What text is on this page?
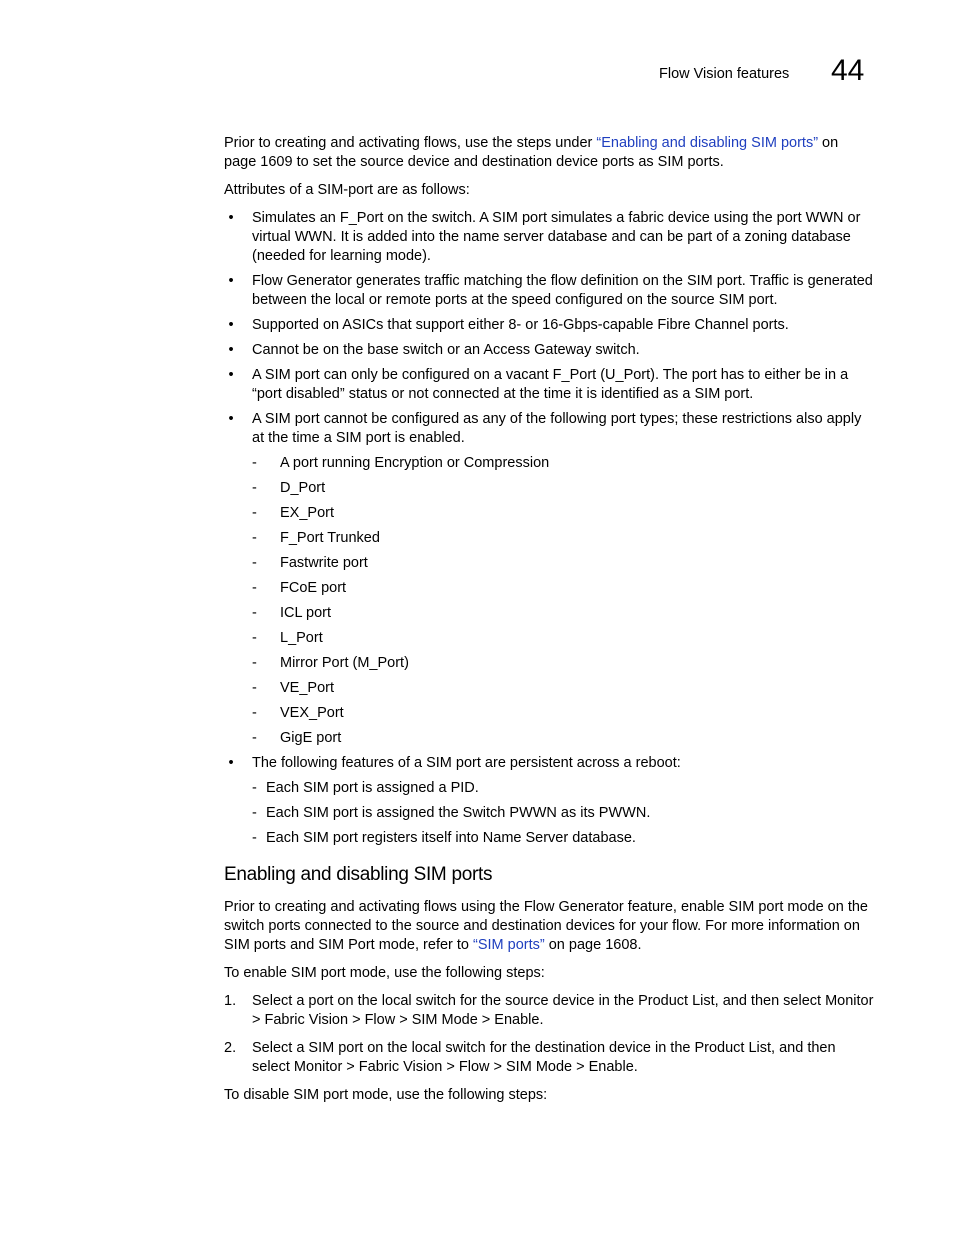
Flow Vision features 44

Prior to creating and activating flows, use the steps under “Enabling and disabling SIM ports” on page 1609 to set the source device and destination device ports as SIM ports.

Attributes of a SIM-port are as follows:

•	Simulates an F_Port on the switch. A SIM port simulates a fabric device using the port WWN or virtual WWN. It is added into the name server database and can be part of a zoning database (needed for learning mode).
•	Flow Generator generates traffic matching the flow definition on the SIM port. Traffic is generated between the local or remote ports at the speed configured on the source SIM port.
•	Supported on ASICs that support either 8- or 16-Gbps-capable Fibre Channel ports.
•	Cannot be on the base switch or an Access Gateway switch.
•	A SIM port can only be configured on a vacant F_Port (U_Port). The port has to either be in a “port disabled” status or not connected at the time it is identified as a SIM port.
•	A SIM port cannot be configured as any of the following port types; these restrictions also apply at the time a SIM port is enabled.
- A port running Encryption or Compression
- D_Port
- EX_Port
- F_Port Trunked
- Fastwrite port
- FCoE port
- ICL port
- L_Port
- Mirror Port (M_Port)
- VE_Port
- VEX_Port
- GigE port
•	The following features of a SIM port are persistent across a reboot:
- Each SIM port is assigned a PID.
- Each SIM port is assigned the Switch PWWN as its PWWN.
- Each SIM port registers itself into Name Server database.
Enabling and disabling SIM ports

Prior to creating and activating flows using the Flow Generator feature, enable SIM port mode on the switch ports connected to the source and destination devices for your flow. For more information on SIM ports and SIM Port mode, refer to “SIM ports” on page 1608.

To enable SIM port mode, use the following steps:

1. Select a port on the local switch for the source device in the Product List, and then select Monitor > Fabric Vision > Flow > SIM Mode > Enable.
2. Select a SIM port on the local switch for the destination device in the Product List, and then select Monitor > Fabric Vision > Flow > SIM Mode > Enable.

To disable SIM port mode, use the following steps:
